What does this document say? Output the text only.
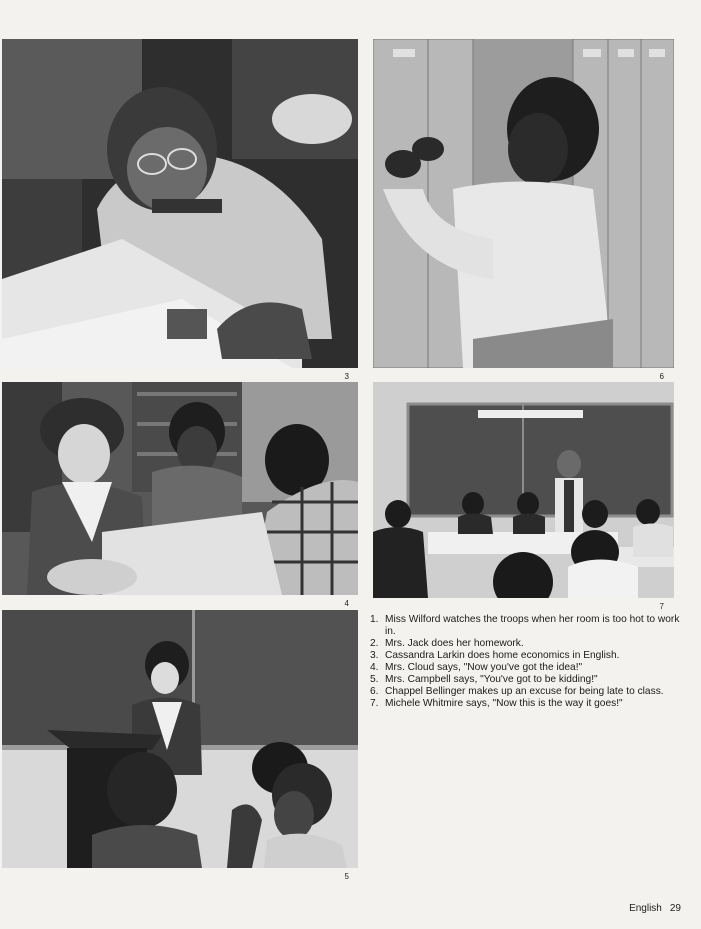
3	6
4	7
5
1. Miss Wilford watches the troops when her room is too hot to work in.
2. Mrs. Jack does her homework.
3. Cassandra Larkin does home economics in English.
4. Mrs. Cloud says, "Now you've got the idea!"
5. Mrs. Campbell says, "You've got to be kidding!"
6. Chappel Bellinger makes up an excuse for being late to class.
7. Michele Whitmire says, "Now this is the way it goes!"
English 29
